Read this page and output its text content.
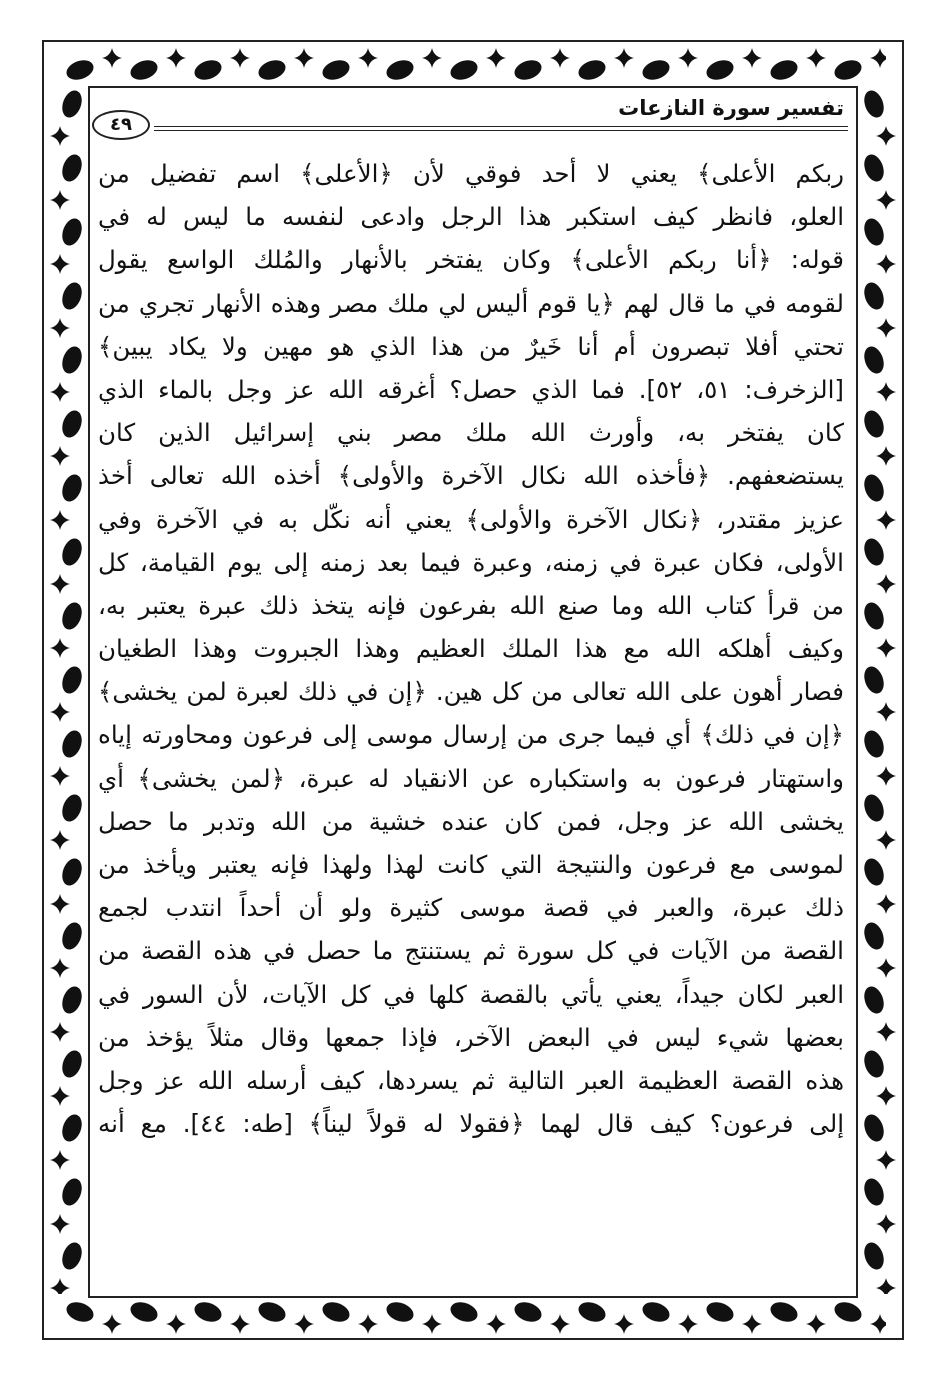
تفسير سورة النازعات
٤٩
ربكم الأعلى﴾ يعني لا أحد فوقي لأن ﴿الأعلى﴾ اسم تفضيل من
العلو، فانظر كيف استكبر هذا الرجل وادعى لنفسه ما ليس له في
قوله: ﴿أنا ربكم الأعلى﴾ وكان يفتخر بالأنهار والمُلك الواسع يقول
لقومه في ما قال لهم ﴿يا قوم أليس لي ملك مصر وهذه الأنهار تجري من
تحتي أفلا تبصرون أم أنا خَيرٌ من هذا الذي هو مهين ولا يكاد يبين﴾
[الزخرف: ٥١، ٥٢]. فما الذي حصل؟ أغرقه الله عز وجل بالماء الذي
كان يفتخر به، وأورث الله ملك مصر بني إسرائيل الذين كان
يستضعفهم. ﴿فأخذه الله نكال الآخرة والأولى﴾ أخذه الله تعالى أخذ
عزيز مقتدر، ﴿نكال الآخرة والأولى﴾ يعني أنه نكّل به في الآخرة وفي
الأولى، فكان عبرة في زمنه، وعبرة فيما بعد زمنه إلى يوم القيامة، كل
من قرأ كتاب الله وما صنع الله بفرعون فإنه يتخذ ذلك عبرة يعتبر به،
وكيف أهلكه الله مع هذا الملك العظيم وهذا الجبروت وهذا الطغيان
فصار أهون على الله تعالى من كل هين. ﴿إن في ذلك لعبرة لمن يخشى﴾
﴿إن في ذلك﴾ أي فيما جرى من إرسال موسى إلى فرعون ومحاورته إياه
واستهتار فرعون به واستكباره عن الانقياد له عبرة، ﴿لمن يخشى﴾ أي
يخشى الله عز وجل، فمن كان عنده خشية من الله وتدبر ما حصل
لموسى مع فرعون والنتيجة التي كانت لهذا ولهذا فإنه يعتبر ويأخذ من
ذلك عبرة، والعبر في قصة موسى كثيرة ولو أن أحداً انتدب لجمع
القصة من الآيات في كل سورة ثم يستنتج ما حصل في هذه القصة من
العبر لكان جيداً، يعني يأتي بالقصة كلها في كل الآيات، لأن السور في
بعضها شيء ليس في البعض الآخر، فإذا جمعها وقال مثلاً يؤخذ من
هذه القصة العظيمة العبر التالية ثم يسردها، كيف أرسله الله عز وجل
إلى فرعون؟ كيف قال لهما ﴿فقولا له قولاً ليناً﴾ [طه: ٤٤]. مع أنه
